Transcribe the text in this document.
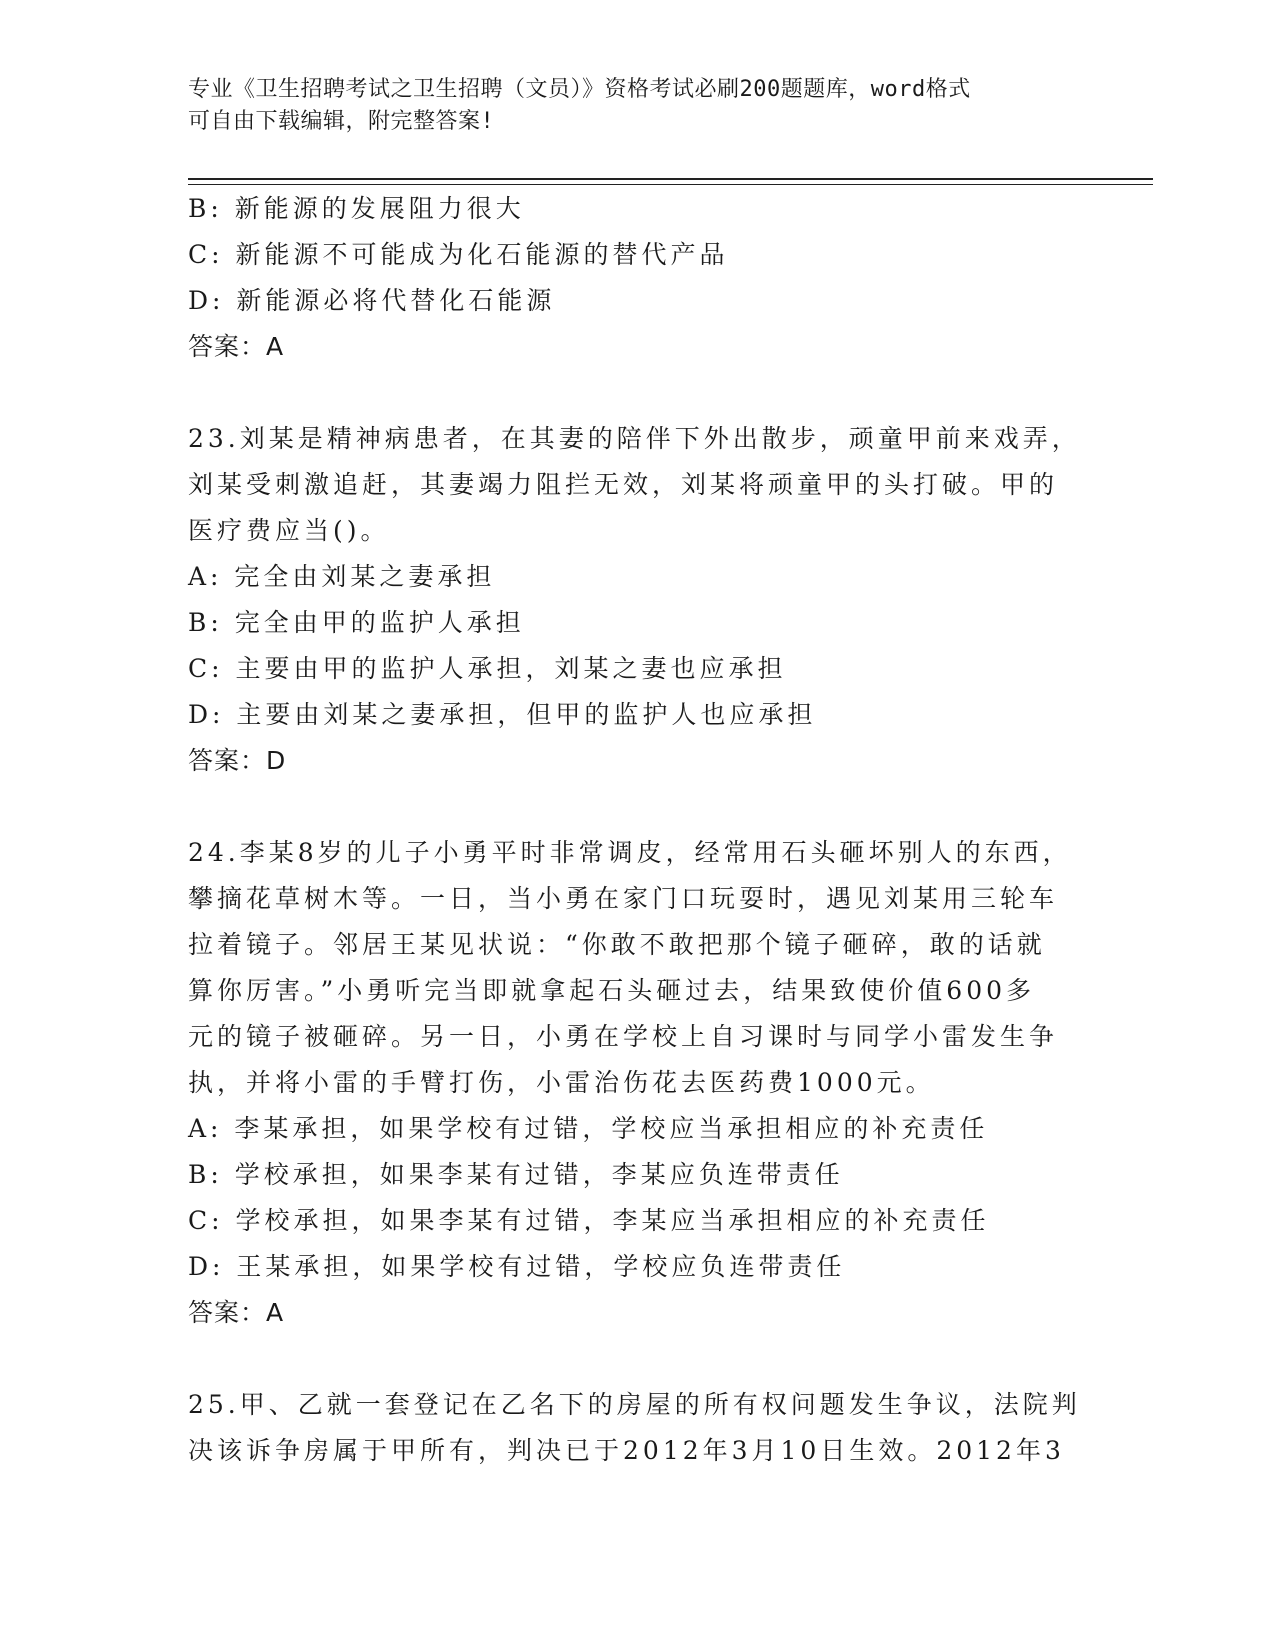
专业《卫生招聘考试之卫生招聘（文员）》资格考试必刷200题题库，word格式
可自由下载编辑，附完整答案!
B: 新能源的发展阻力很大
C: 新能源不可能成为化石能源的替代产品
D: 新能源必将代替化石能源
答案：A
23.刘某是精神病患者，在其妻的陪伴下外出散步，顽童甲前来戏弄，
刘某受刺激追赶，其妻竭力阻拦无效，刘某将顽童甲的头打破。甲的
医疗费应当()。
A: 完全由刘某之妻承担
B: 完全由甲的监护人承担
C: 主要由甲的监护人承担，刘某之妻也应承担
D: 主要由刘某之妻承担，但甲的监护人也应承担
答案：D
24.李某8岁的儿子小勇平时非常调皮，经常用石头砸坏别人的东西，
攀摘花草树木等。一日，当小勇在家门口玩耍时，遇见刘某用三轮车
拉着镜子。邻居王某见状说：“你敢不敢把那个镜子砸碎，敢的话就
算你厉害。”小勇听完当即就拿起石头砸过去，结果致使价值600多
元的镜子被砸碎。另一日，小勇在学校上自习课时与同学小雷发生争
执，并将小雷的手臂打伤，小雷治伤花去医药费1000元。
A: 李某承担，如果学校有过错，学校应当承担相应的补充责任
B: 学校承担，如果李某有过错，李某应负连带责任
C: 学校承担，如果李某有过错，李某应当承担相应的补充责任
D: 王某承担，如果学校有过错，学校应负连带责任
答案：A
25.甲、乙就一套登记在乙名下的房屋的所有权问题发生争议，法院判
决该诉争房属于甲所有，判决已于2012年3月10日生效。2012年3
